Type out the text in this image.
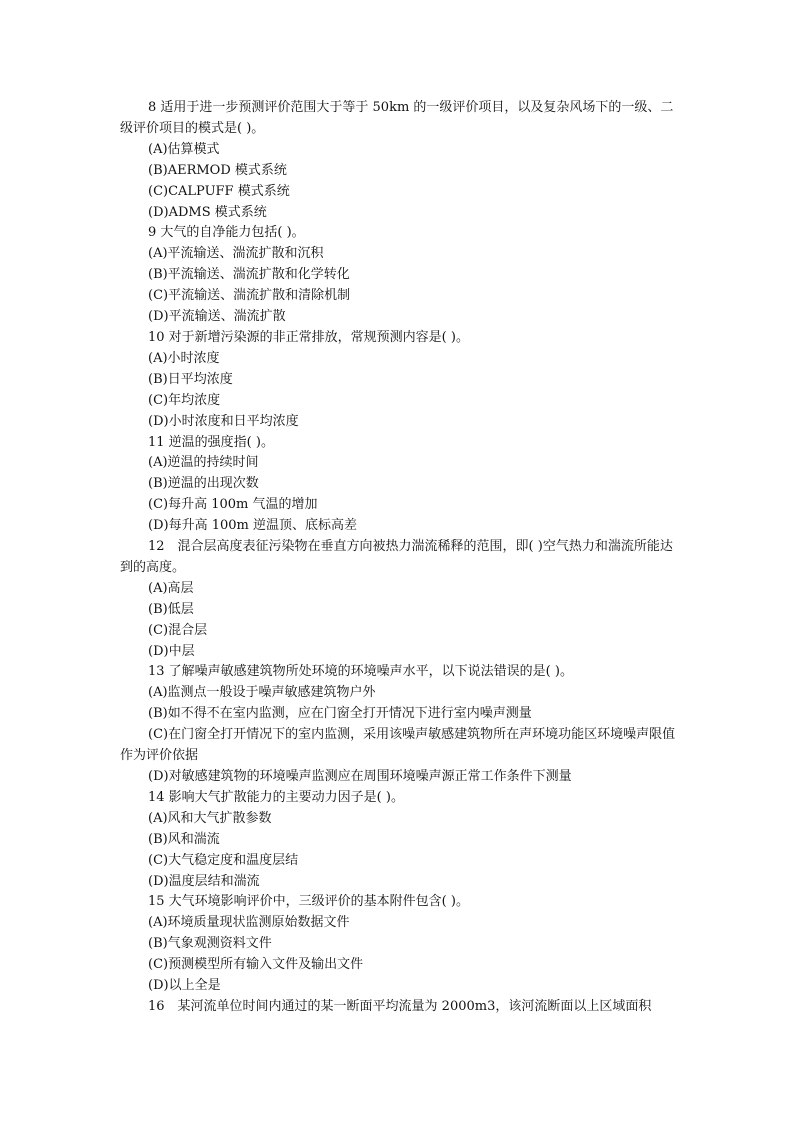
8 适用于进一步预测评价范围大于等于 50km 的一级评价项目，以及复杂风场下的一级、二级评价项目的模式是( )。

(A)估算模式

(B)AERMOD 模式系统

(C)CALPUFF 模式系统

(D)ADMS 模式系统

9 大气的自净能力包括( )。

(A)平流输送、湍流扩散和沉积

(B)平流输送、湍流扩散和化学转化

(C)平流输送、湍流扩散和清除机制

(D)平流输送、湍流扩散

10 对于新增污染源的非正常排放，常规预测内容是( )。

(A)小时浓度

(B)日平均浓度

(C)年均浓度

(D)小时浓度和日平均浓度

11 逆温的强度指( )。

(A)逆温的持续时间

(B)逆温的出现次数

(C)每升高 100m 气温的增加

(D)每升高 100m 逆温顶、底标高差

12　混合层高度表征污染物在垂直方向被热力湍流稀释的范围，即( )空气热力和湍流所能达到的高度。

(A)高层

(B)低层

(C)混合层

(D)中层

13 了解噪声敏感建筑物所处环境的环境噪声水平，以下说法错误的是( )。

(A)监测点一般设于噪声敏感建筑物户外

(B)如不得不在室内监测，应在门窗全打开情况下进行室内噪声测量

(C)在门窗全打开情况下的室内监测，采用该噪声敏感建筑物所在声环境功能区环境噪声限值作为评价依据

(D)对敏感建筑物的环境噪声监测应在周围环境噪声源正常工作条件下测量

14 影响大气扩散能力的主要动力因子是( )。

(A)风和大气扩散参数

(B)风和湍流

(C)大气稳定度和温度层结

(D)温度层结和湍流

15 大气环境影响评价中，三级评价的基本附件包含( )。

(A)环境质量现状监测原始数据文件

(B)气象观测资料文件

(C)预测模型所有输入文件及输出文件

(D)以上全是

16　某河流单位时间内通过的某一断面平均流量为 2000m3，该河流断面以上区域面积
